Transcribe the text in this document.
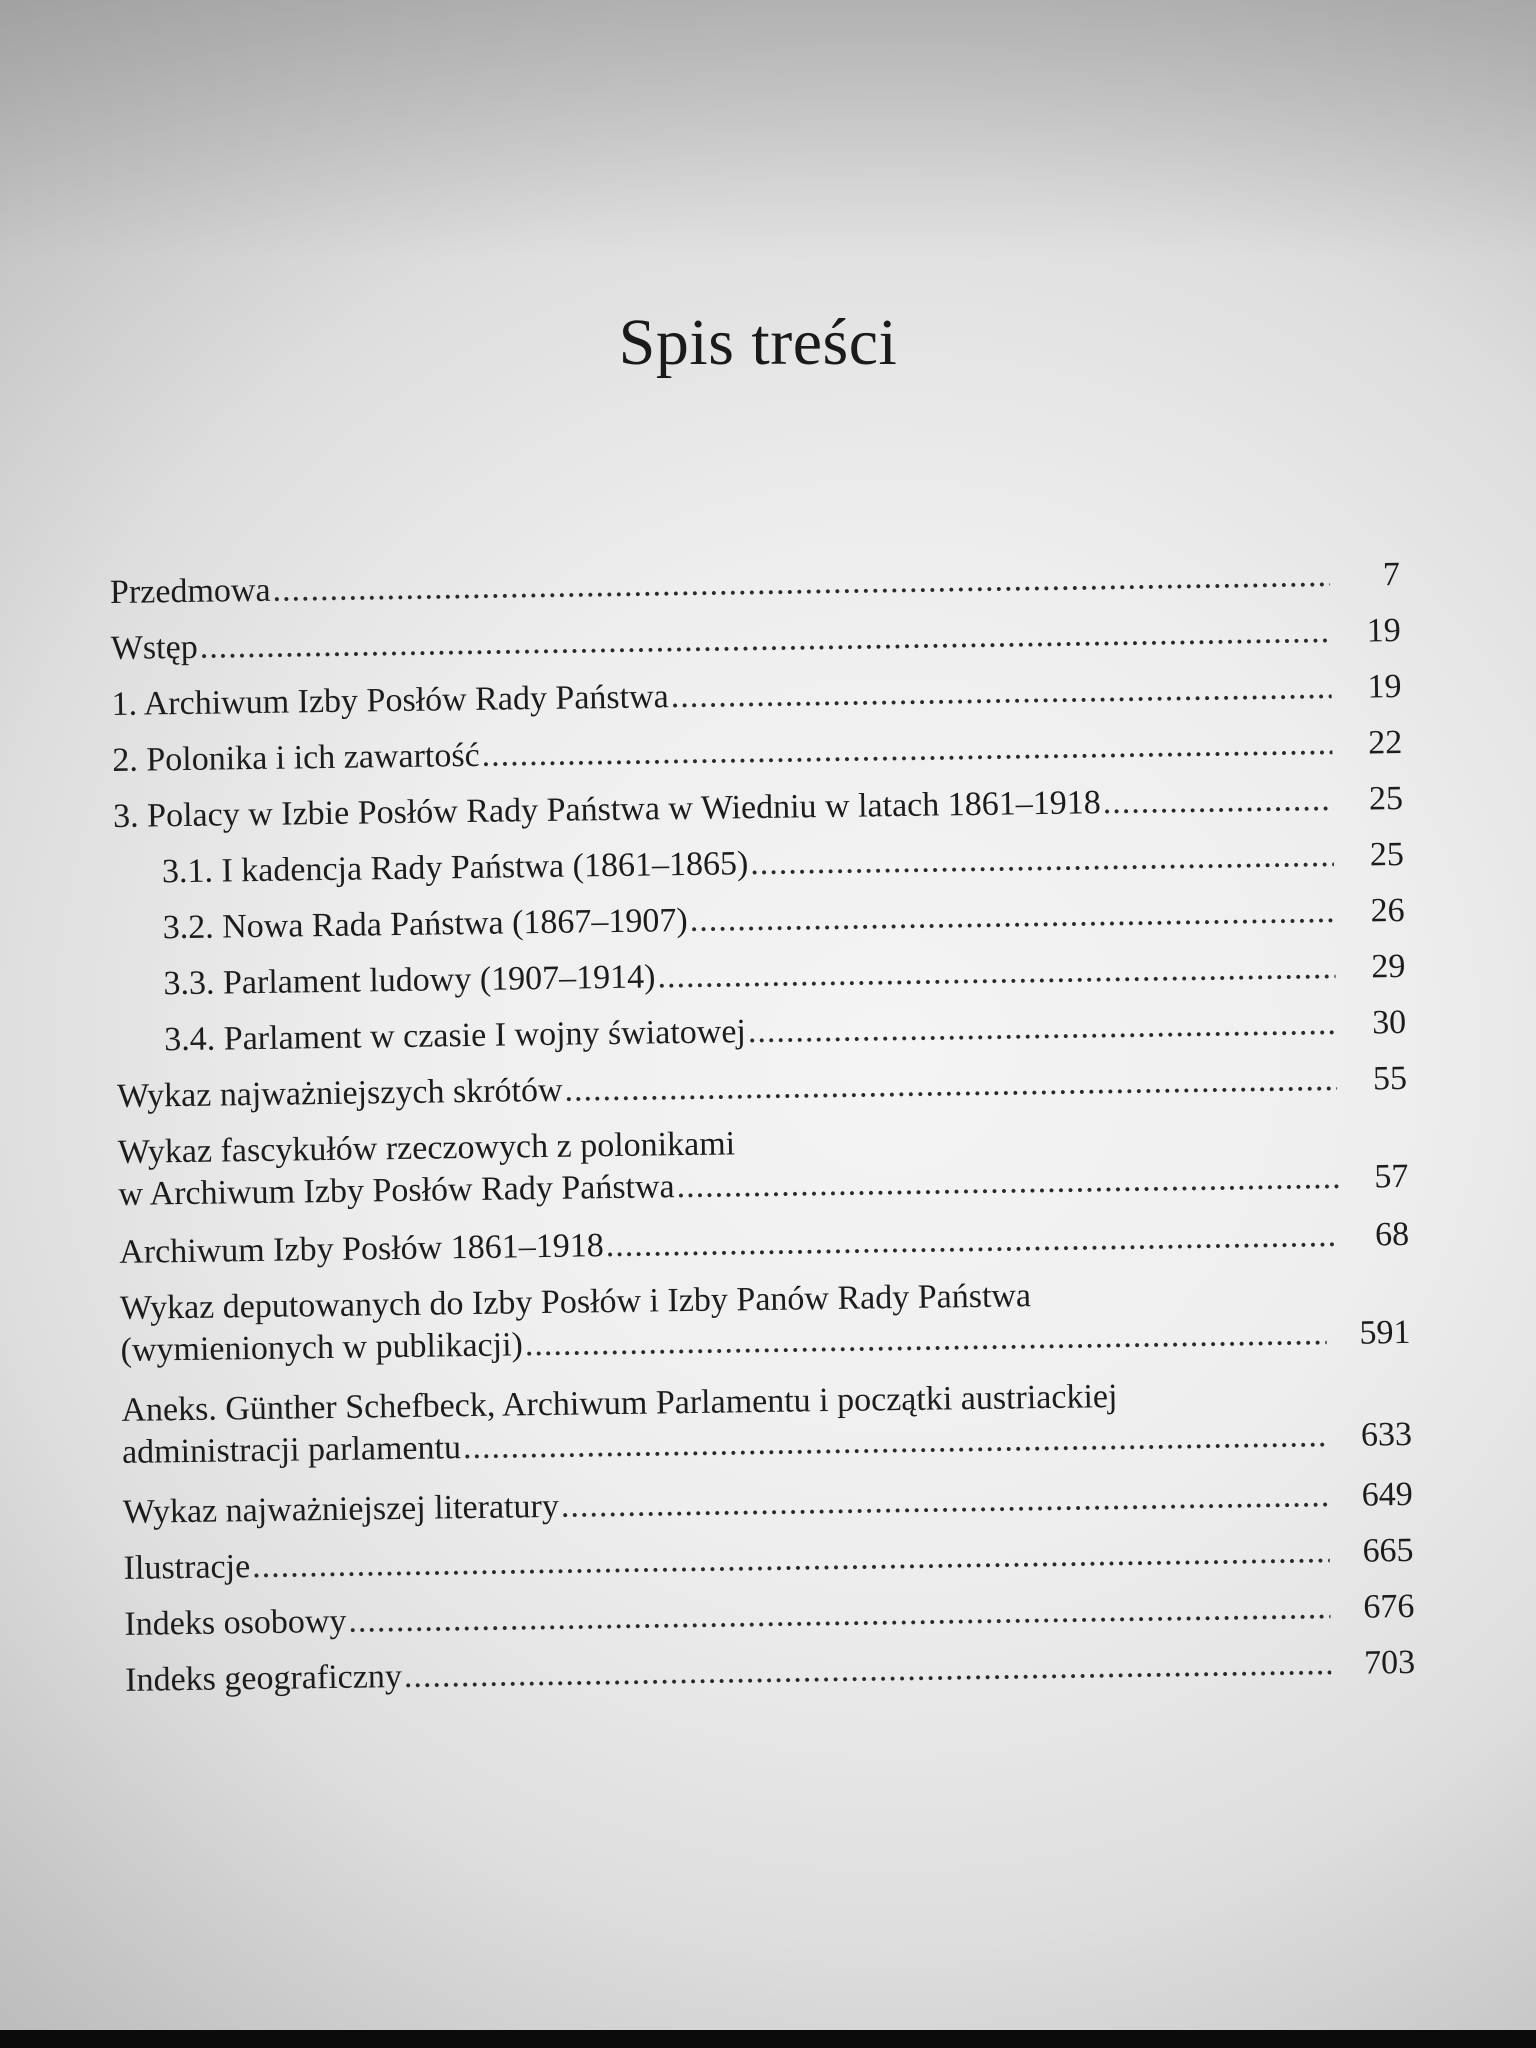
Spis treści
Przedmowa .....	7
Wstęp .....	19
1. Archiwum Izby Posłów Rady Państwa .....	19
2. Polonika i ich zawartość .....	22
3. Polacy w Izbie Posłów Rady Państwa w Wiedniu w latach 1861–1918 .....	25
3.1. I kadencja Rady Państwa (1861–1865) .....	25
3.2. Nowa Rada Państwa (1867–1907) .....	26
3.3. Parlament ludowy (1907–1914) .....	29
3.4. Parlament w czasie I wojny światowej .....	30
Wykaz najważniejszych skrótów .....	55
Wykaz fascykułów rzeczowych z polonikami
w Archiwum Izby Posłów Rady Państwa .....	57
Archiwum Izby Posłów 1861–1918 .....	68
Wykaz deputowanych do Izby Posłów i Izby Panów Rady Państwa
(wymienionych w publikacji) .....	591
Aneks. Günther Schefbeck, Archiwum Parlamentu i początki austriackiej
administracji parlamentu .....	633
Wykaz najważniejszej literatury .....	649
Ilustracje .....	665
Indeks osobowy .....	676
Indeks geograficzny .....	703
